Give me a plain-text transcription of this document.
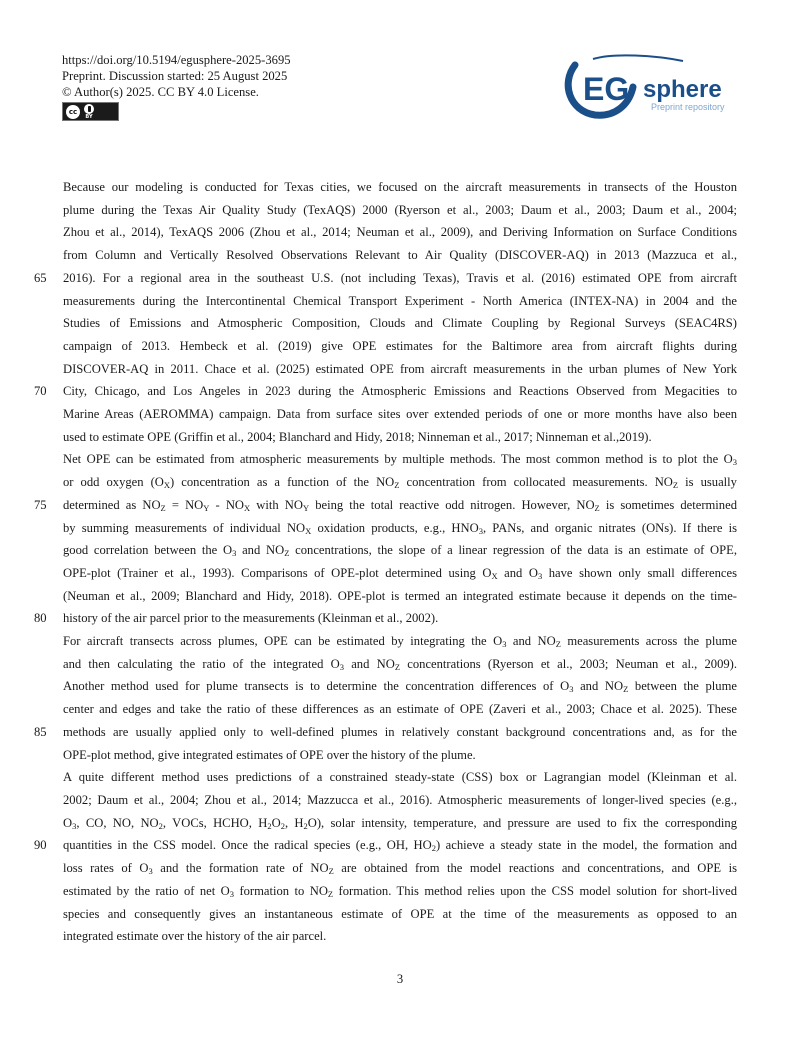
https://doi.org/10.5194/egusphere-2025-3695
Preprint. Discussion started: 25 August 2025
© Author(s) 2025. CC BY 4.0 License.
cc
BY
EG sphere
Preprint repository

Because our modeling is conducted for Texas cities, we focused on the aircraft measurements in transects of the Houston
plume during the Texas Air Quality Study (TexAQS) 2000 (Ryerson et al., 2003; Daum et al., 2003; Daum et al., 2004;
Zhou et al., 2014), TexAQS 2006 (Zhou et al., 2014; Neuman et al., 2009), and Deriving Information on Surface Conditions
from Column and Vertically Resolved Observations Relevant to Air Quality (DISCOVER-AQ) in 2013 (Mazzuca et al.,
2016). For a regional area in the southeast U.S. (not including Texas), Travis et al. (2016) estimated OPE from aircraft
measurements during the Intercontinental Chemical Transport Experiment - North America (INTEX-NA) in 2004 and the
Studies of Emissions and Atmospheric Composition, Clouds and Climate Coupling by Regional Surveys (SEAC4RS)
campaign of 2013. Hembeck et al. (2019) give OPE estimates for the Baltimore area from aircraft flights during
DISCOVER-AQ in 2011. Chace et al. (2025) estimated OPE from aircraft measurements in the urban plumes of New York
City, Chicago, and Los Angeles in 2023 during the Atmospheric Emissions and Reactions Observed from Megacities to
Marine Areas (AEROMMA) campaign. Data from surface sites over extended periods of one or more months have also been
used to estimate OPE (Griffin et al., 2004; Blanchard and Hidy, 2018; Ninneman et al., 2017; Ninneman et al.,2019).

Net OPE can be estimated from atmospheric measurements by multiple methods. The most common method is to plot the $O_3$
or odd oxygen $(O_X)$ concentration as a function of the $NO_Z$ concentration from collocated measurements. $NO_Z$ is usually
determined as $NO_Z = NO_Y - NO_X$ with $NO_Y$ being the total reactive odd nitrogen. However, $NO_Z$ is sometimes determined
by summing measurements of individual $NO_X$ oxidation products, e.g., $HNO_3$, PANs, and organic nitrates (ONs). If there is
good correlation between the $O_3$ and $NO_Z$ concentrations, the slope of a linear regression of the data is an estimate of OPE,
OPE-plot (Trainer et al., 1993). Comparisons of OPE-plot determined using $O_X$ and $O_3$ have shown only small differences
(Neuman et al., 2009; Blanchard and Hidy, 2018). OPE-plot is termed an integrated estimate because it depends on the time-
history of the air parcel prior to the measurements (Kleinman et al., 2002).

For aircraft transects across plumes, OPE can be estimated by integrating the $O_3$ and $NO_Z$ measurements across the plume
and then calculating the ratio of the integrated $O_3$ and $NO_Z$ concentrations (Ryerson et al., 2003; Neuman et al., 2009).
Another method used for plume transects is to determine the concentration differences of $O_3$ and $NO_Z$ between the plume
center and edges and take the ratio of these differences as an estimate of OPE (Zaveri et al., 2003; Chace et al. 2025). These
methods are usually applied only to well-defined plumes in relatively constant background concentrations and, as for the
OPE-plot method, give integrated estimates of OPE over the history of the plume.

A quite different method uses predictions of a constrained steady-state (CSS) box or Lagrangian model (Kleinman et al.
2002; Daum et al., 2004; Zhou et al., 2014; Mazzucca et al., 2016). Atmospheric measurements of longer-lived species (e.g.,
$O_3$, CO, NO, $NO_2$, VOCs, HCHO, $H_2O_2$, $H_2O$), solar intensity, temperature, and pressure are used to fix the corresponding
quantities in the CSS model. Once the radical species (e.g., OH, $HO_2$) achieve a steady state in the model, the formation and
loss rates of $O_3$ and the formation rate of $NO_Z$ are obtained from the model reactions and concentrations, and OPE is
estimated by the ratio of net $O_3$ formation to $NO_Z$ formation. This method relies upon the CSS model solution for short-lived
species and consequently gives an instantaneous estimate of OPE at the time of the measurements as opposed to an
integrated estimate over the history of the air parcel.

65
70
75
80
85
90
3
